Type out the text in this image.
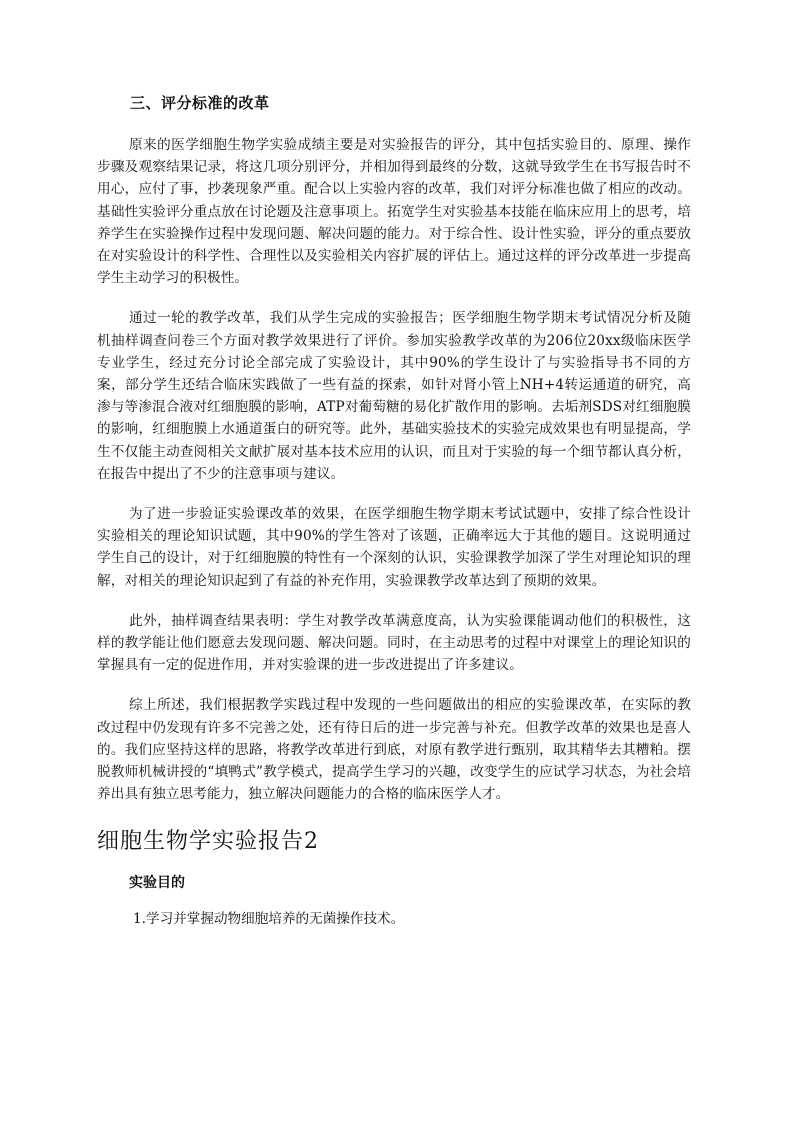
三、评分标准的改革

原来的医学细胞生物学实验成绩主要是对实验报告的评分，其中包括实验目的、原理、操作步骤及观察结果记录，将这几项分别评分，并相加得到最终的分数，这就导致学生在书写报告时不用心，应付了事，抄袭现象严重。配合以上实验内容的改革，我们对评分标准也做了相应的改动。基础性实验评分重点放在讨论题及注意事项上。拓宽学生对实验基本技能在临床应用上的思考，培养学生在实验操作过程中发现问题、解决问题的能力。对于综合性、设计性实验，评分的重点要放在对实验设计的科学性、合理性以及实验相关内容扩展的评估上。通过这样的评分改革进一步提高学生主动学习的积极性。

通过一轮的教学改革，我们从学生完成的实验报告；医学细胞生物学期末考试情况分析及随机抽样调查问卷三个方面对教学效果进行了评价。参加实验教学改革的为206位20xx级临床医学专业学生，经过充分讨论全部完成了实验设计，其中90%的学生设计了与实验指导书不同的方案，部分学生还结合临床实践做了一些有益的探索，如针对肾小管上NH+4转运通道的研究，高渗与等渗混合液对红细胞膜的影响，ATP对葡萄糖的易化扩散作用的影响。去垢剂SDS对红细胞膜的影响，红细胞膜上水通道蛋白的研究等。此外，基础实验技术的实验完成效果也有明显提高，学生不仅能主动查阅相关文献扩展对基本技术应用的认识，而且对于实验的每一个细节都认真分析，在报告中提出了不少的注意事项与建议。

为了进一步验证实验课改革的效果，在医学细胞生物学期末考试试题中，安排了综合性设计实验相关的理论知识试题，其中90%的学生答对了该题，正确率远大于其他的题目。这说明通过学生自己的设计，对于红细胞膜的特性有一个深刻的认识，实验课教学加深了学生对理论知识的理解，对相关的理论知识起到了有益的补充作用，实验课教学改革达到了预期的效果。

此外，抽样调查结果表明：学生对教学改革满意度高，认为实验课能调动他们的积极性，这样的教学能让他们愿意去发现问题、解决问题。同时，在主动思考的过程中对课堂上的理论知识的掌握具有一定的促进作用，并对实验课的进一步改进提出了许多建议。

综上所述，我们根据教学实践过程中发现的一些问题做出的相应的实验课改革，在实际的教改过程中仍发现有许多不完善之处，还有待日后的进一步完善与补充。但教学改革的效果也是喜人的。我们应坚持这样的思路，将教学改革进行到底，对原有教学进行甄别，取其精华去其糟粕。摆脱教师机械讲授的“填鸭式”教学模式，提高学生学习的兴趣，改变学生的应试学习状态，为社会培养出具有独立思考能力，独立解决问题能力的合格的临床医学人才。

细胞生物学实验报告2
实验目的
1.学习并掌握动物细胞培养的无菌操作技术。
